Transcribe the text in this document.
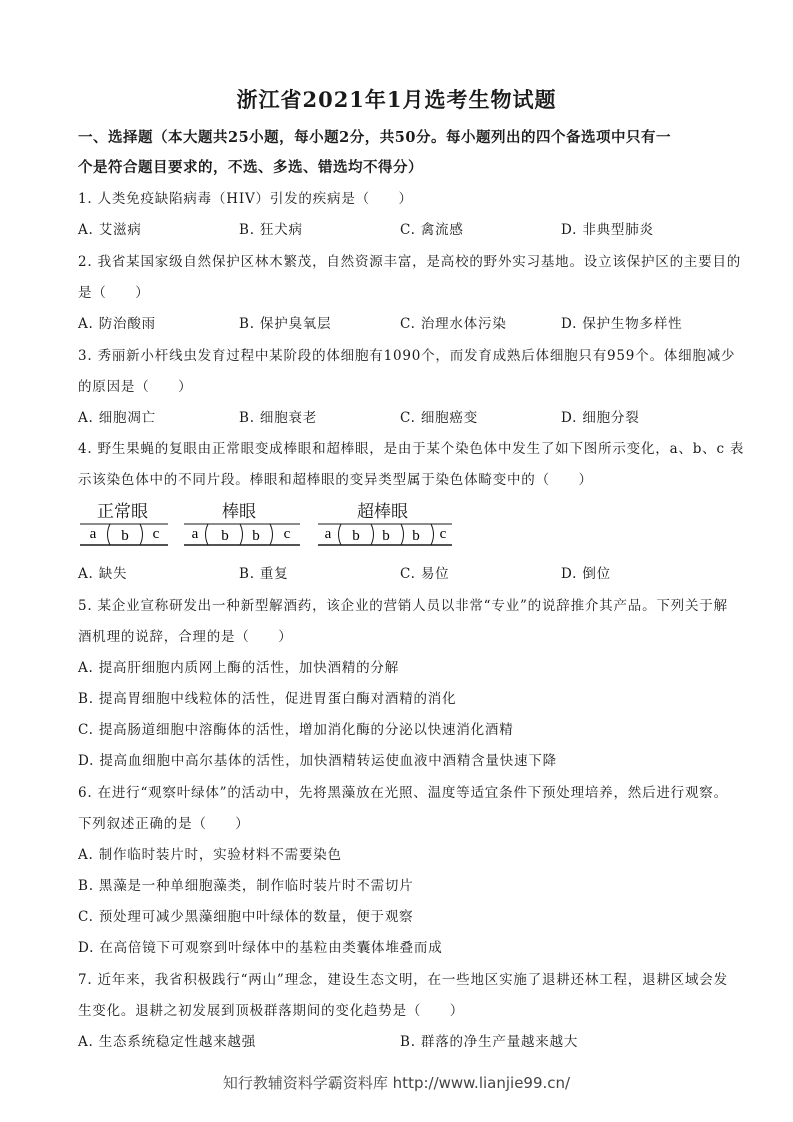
浙江省2021年1月选考生物试题
一、选择题（本大题共25小题，每小题2分，共50分。每小题列出的四个备选项中只有一
个是符合题目要求的，不选、多选、错选均不得分）
1. 人类免疫缺陷病毒（HIV）引发的疾病是（　　）
A. 艾滋病	B. 狂犬病	C. 禽流感	D. 非典型肺炎
2. 我省某国家级自然保护区林木繁茂，自然资源丰富，是高校的野外实习基地。设立该保护区的主要目的
是（　　）
A. 防治酸雨	B. 保护臭氧层	C. 治理水体污染	D. 保护生物多样性
3. 秀丽新小杆线虫发育过程中某阶段的体细胞有1090个，而发育成熟后体细胞只有959个。体细胞减少
的原因是（　　）
A. 细胞凋亡	B. 细胞衰老	C. 细胞癌变	D. 细胞分裂
4. 野生果蝇的复眼由正常眼变成棒眼和超棒眼，是由于某个染色体中发生了如下图所示变化，a、b、c 表
示该染色体中的不同片段。棒眼和超棒眼的变异类型属于染色体畸变中的（　　）
正常眼	棒眼	超棒眼
a b c a b b c a b b b c
A. 缺失	B. 重复	C. 易位	D. 倒位
5. 某企业宣称研发出一种新型解酒药，该企业的营销人员以非常“专业”的说辞推介其产品。下列关于解
酒机理的说辞，合理的是（　　）
A. 提高肝细胞内质网上酶的活性，加快酒精的分解
B. 提高胃细胞中线粒体的活性，促进胃蛋白酶对酒精的消化
C. 提高肠道细胞中溶酶体的活性，增加消化酶的分泌以快速消化酒精
D. 提高血细胞中高尔基体的活性，加快酒精转运使血液中酒精含量快速下降
6. 在进行“观察叶绿体”的活动中，先将黑藻放在光照、温度等适宜条件下预处理培养，然后进行观察。
下列叙述正确的是（　　）
A. 制作临时装片时，实验材料不需要染色
B. 黑藻是一种单细胞藻类，制作临时装片时不需切片
C. 预处理可减少黑藻细胞中叶绿体的数量，便于观察
D. 在高倍镜下可观察到叶绿体中的基粒由类囊体堆叠而成
7. 近年来，我省积极践行“两山”理念，建设生态文明，在一些地区实施了退耕还林工程，退耕区域会发
生变化。退耕之初发展到顶极群落期间的变化趋势是（　　）
A. 生态系统稳定性越来越强	B. 群落的净生产量越来越大
知行教辅资料学霸资料库 http://www.lianjie99.cn/
